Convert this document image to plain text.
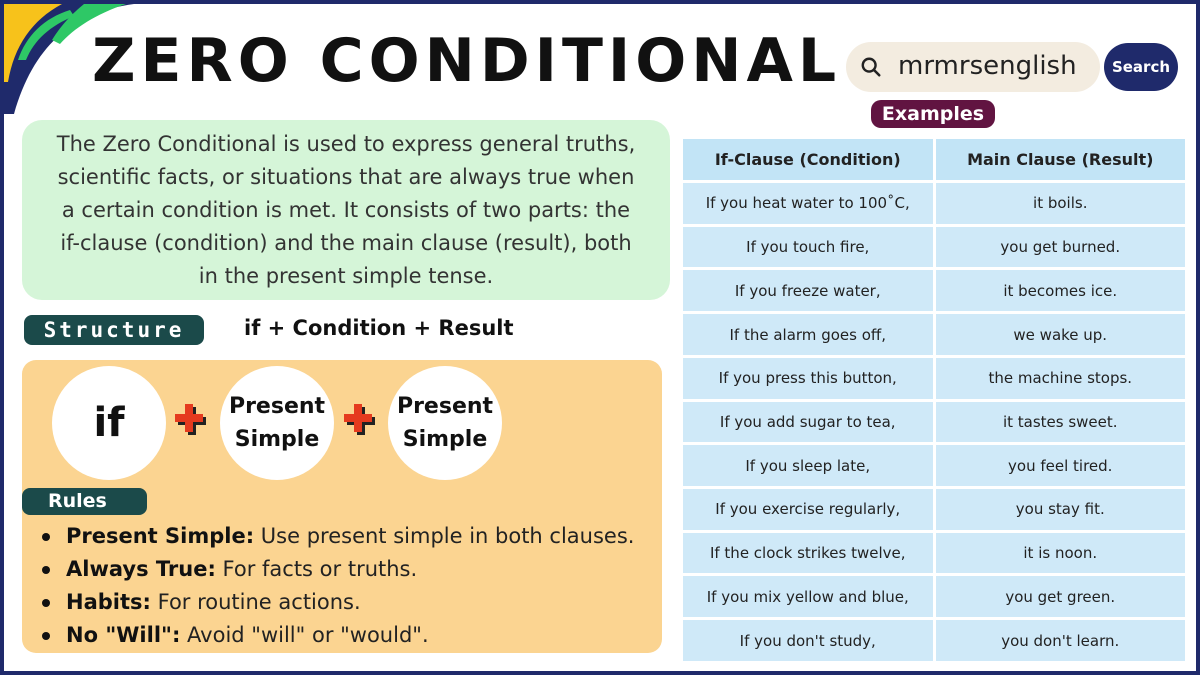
ZERO CONDITIONAL mrmrsenglish	Search
The Zero Conditional is used to express general truths, scientific facts, or situations that are always true when a certain condition is met. It consists of two parts: the if-clause (condition) and the main clause (result), both in the present simple tense.
Structure	if + Condition + Result
if	Present
Simple
Present
Simple
Rules
Present Simple: Use present simple in both clauses.
Always True: For facts or truths.
Habits: For routine actions.
No "Will": Avoid "will" or "would".
Examples
If-Clause (Condition)	Main Clause (Result)
If you heat water to 100˚C,	it boils.
If you touch fire,	you get burned.
If you freeze water,	it becomes ice.
If the alarm goes off,	we wake up.
If you press this button,	the machine stops.
If you add sugar to tea,	it tastes sweet.
If you sleep late,	you feel tired.
If you exercise regularly,	you stay fit.
If the clock strikes twelve,	it is noon.
If you mix yellow and blue,	you get green.
If you don't study,	you don't learn.
